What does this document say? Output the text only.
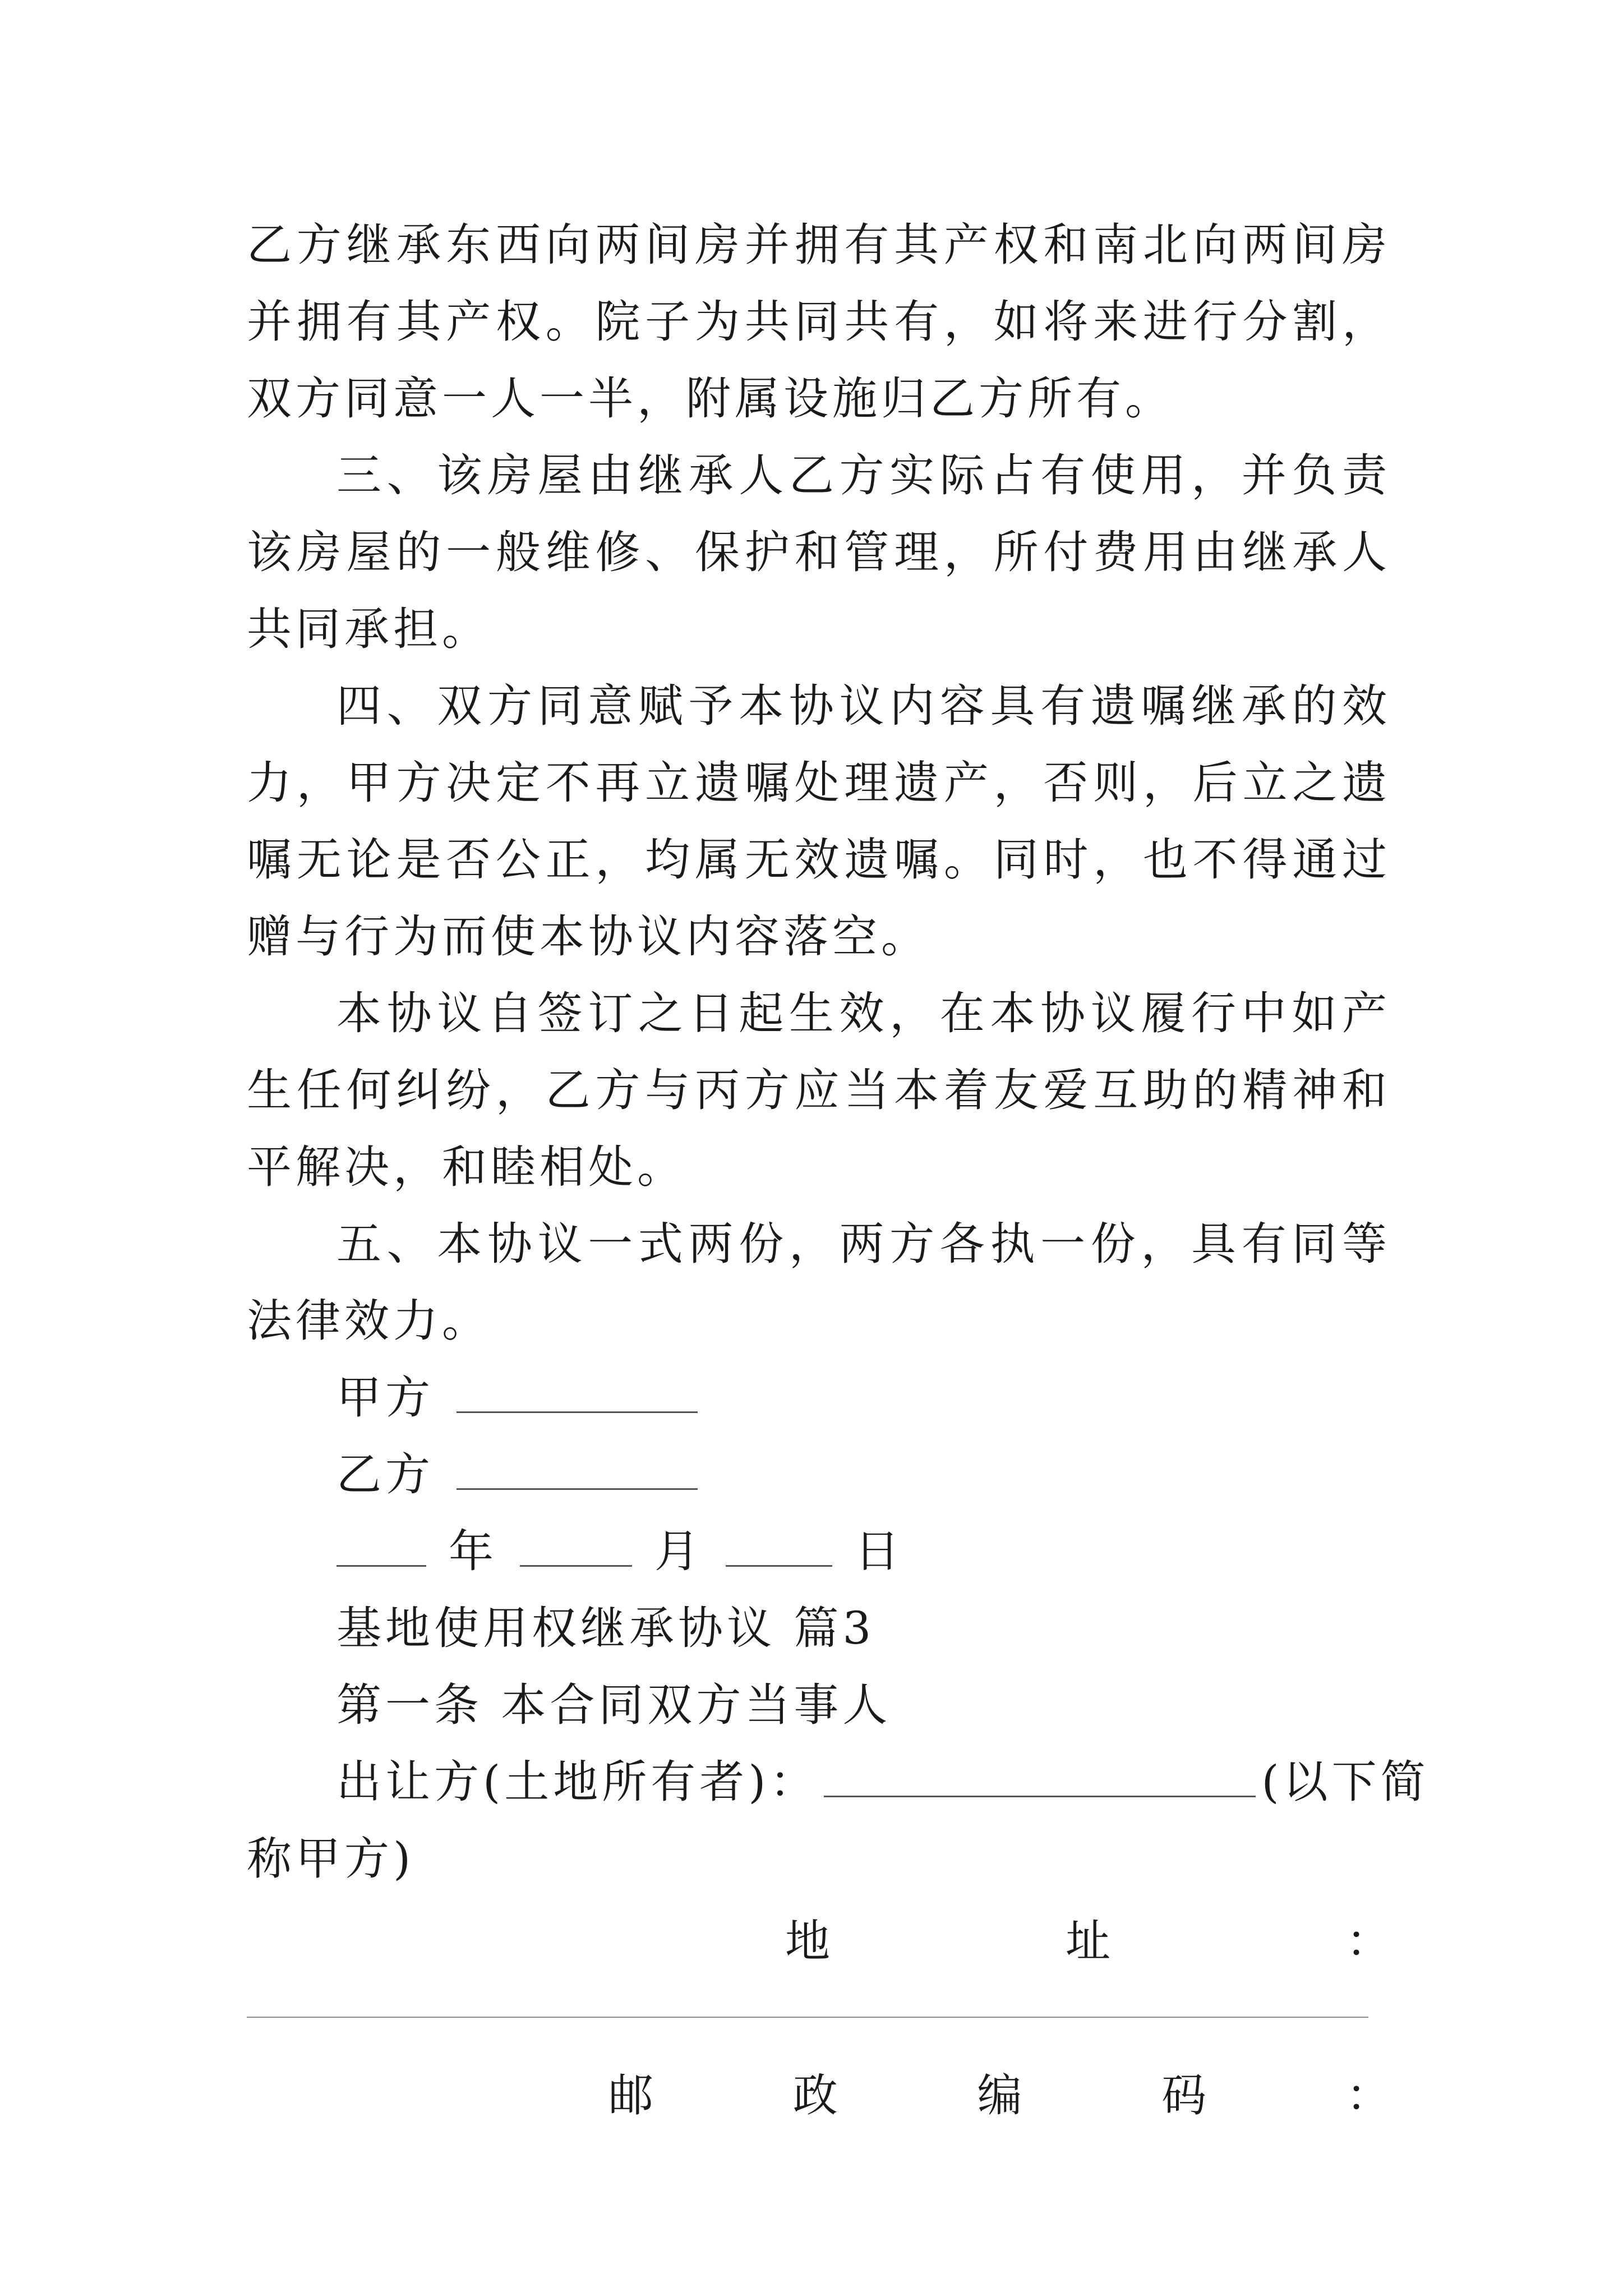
乙方继承东西向两间房并拥有其产权和南北向两间房并拥有其产权。院子为共同共有，如将来进行分割，双方同意一人一半，附属设施归乙方所有。

三、该房屋由继承人乙方实际占有使用，并负责该房屋的一般维修、保护和管理，所付费用由继承人共同承担。

四、双方同意赋予本协议内容具有遗嘱继承的效力，甲方决定不再立遗嘱处理遗产，否则，后立之遗嘱无论是否公正，均属无效遗嘱。同时，也不得通过赠与行为而使本协议内容落空。

本协议自签订之日起生效，在本协议履行中如产生任何纠纷，乙方与丙方应当本着友爱互助的精神和平解决，和睦相处。

五、本协议一式两份，两方各执一份，具有同等法律效力。

甲方

乙方

年	月	日

基地使用权继承协议 篇3

第一条 本合同双方当事人

出让方(土地所有者)：	(以下简

称甲方)

地	址	：
邮	政	编	码	：
